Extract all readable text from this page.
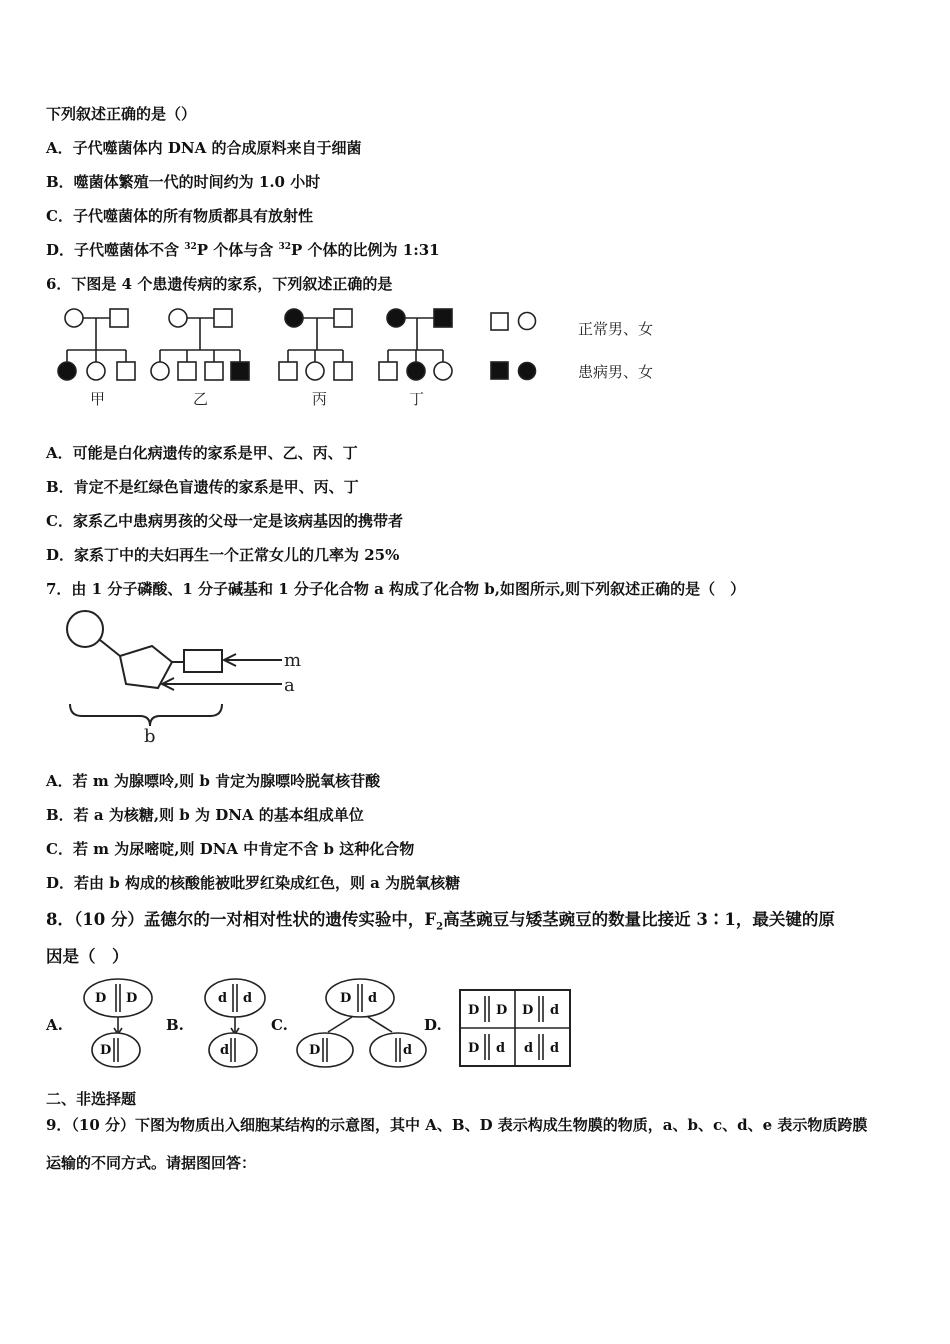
下列叙述正确的是（）
A．子代噬菌体内 DNA 的合成原料来自于细菌
B．噬菌体繁殖一代的时间约为 1.0 小时
C．子代噬菌体的所有物质都具有放射性
D．子代噬菌体不含 $^{32}$P 个体与含 $^{32}$P 个体的比例为 1:31
6．下图是 4 个患遗传病的家系，下列叙述正确的是
正常男、女
患病男、女
甲	乙	丙	丁
A．可能是白化病遗传的家系是甲、乙、丙、丁
B．肯定不是红绿色盲遗传的家系是甲、丙、丁
C．家系乙中患病男孩的父母一定是该病基因的携带者
D．家系丁中的夫妇再生一个正常女儿的几率为 25%
7．由 1 分子磷酸、1 分子碱基和 1 分子化合物 a 构成了化合物 b,如图所示,则下列叙述正确的是（　）
m
a
b
A．若 m 为腺嘌呤,则 b 肯定为腺嘌呤脱氧核苷酸
B．若 a 为核糖,则 b 为 DNA 的基本组成单位
C．若 m 为尿嘧啶,则 DNA 中肯定不含 b 这种化合物
D．若由 b 构成的核酸能被吡罗红染成红色，则 a 为脱氧核糖
8．（10 分）孟德尔的一对相对性状的遗传实验中，$F_2$高茎豌豆与矮茎豌豆的数量比接近 3∶1，最关键的原
因是（　）
A.	B.	C.	D.
D D
D
d d
d
D d
D	d
D D D d
D d d d
二、非选择题
9．（10 分）下图为物质出入细胞某结构的示意图，其中 A、B、D 表示构成生物膜的物质，a、b、c、d、e 表示物质跨膜
运输的不同方式。请据图回答：
